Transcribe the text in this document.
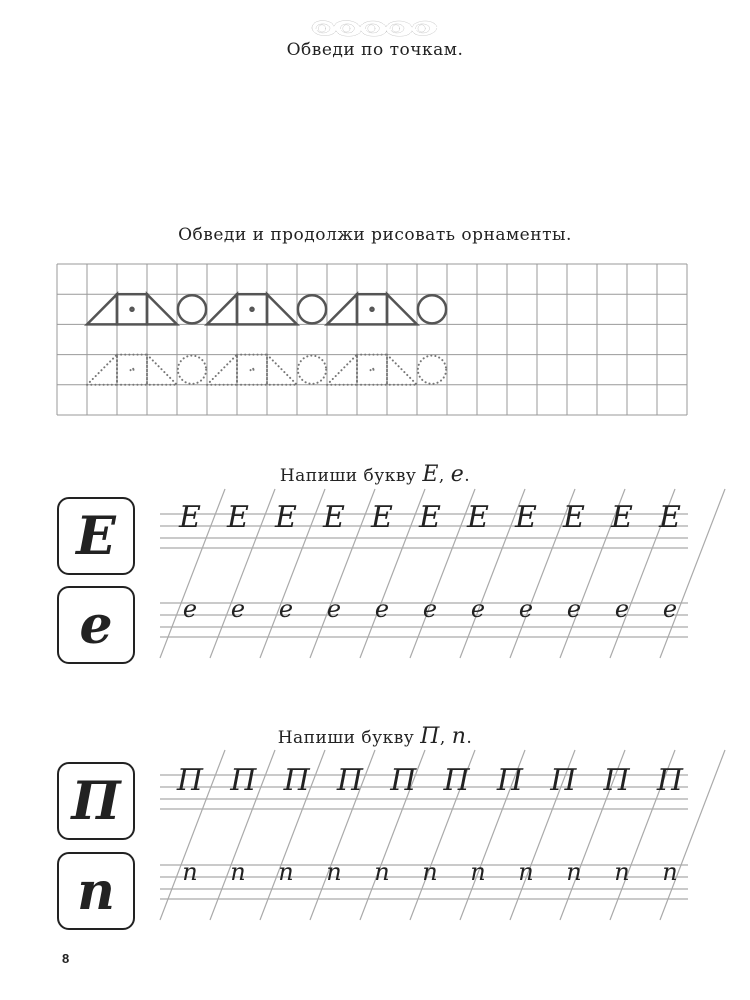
Обведи по точкам.
Обведи и продолжи рисовать орнаменты.
Напиши букву Е, е.
Е
е
Е Е Е Е Е Е Е Е Е Е Е
е	е	е	е	е	е	е	е	е	е	е
Напиши букву П, п.
П
п
П П П П П П П П П П
п	п	п	п	п	п	п	п	п	п	п
8
